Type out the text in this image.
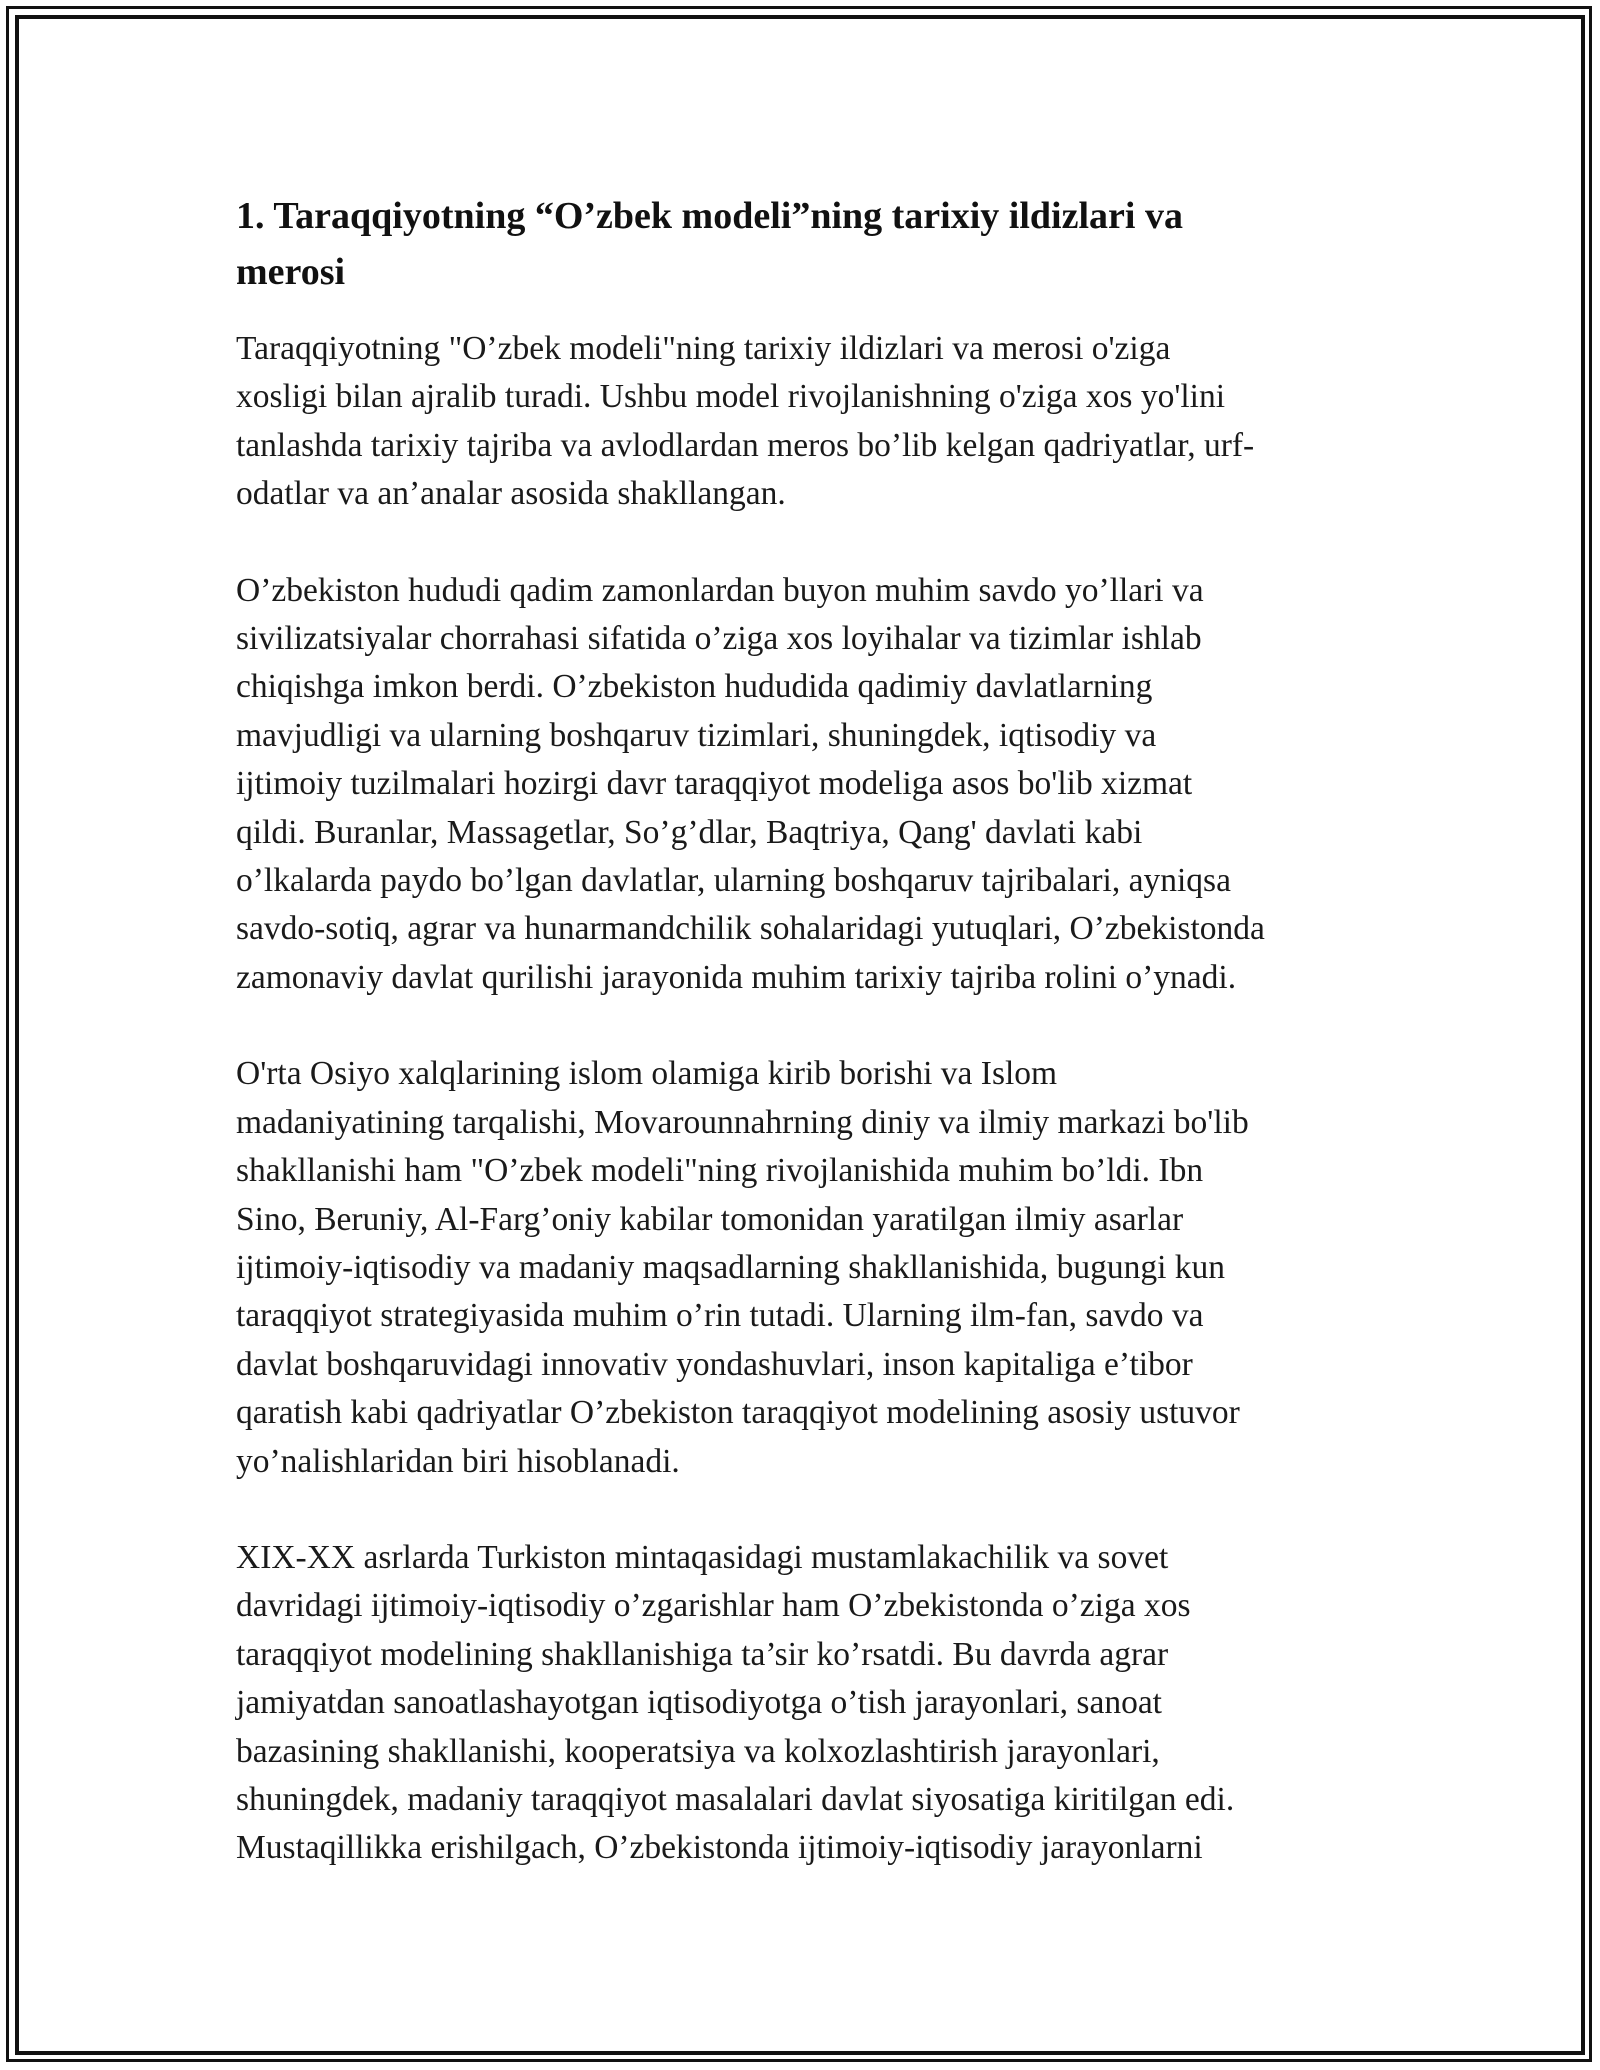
1. Taraqqiyotning “O’zbek modeli”ning tarixiy ildizlari va
merosi

Taraqqiyotning "O’zbek modeli"ning tarixiy ildizlari va merosi o'ziga
xosligi bilan ajralib turadi. Ushbu model rivojlanishning o'ziga xos yo'lini
tanlashda tarixiy tajriba va avlodlardan meros bo’lib kelgan qadriyatlar, urf-
odatlar va an’analar asosida shakllangan.

O’zbekiston hududi qadim zamonlardan buyon muhim savdo yo’llari va
sivilizatsiyalar chorrahasi sifatida o’ziga xos loyihalar va tizimlar ishlab
chiqishga imkon berdi. O’zbekiston hududida qadimiy davlatlarning
mavjudligi va ularning boshqaruv tizimlari, shuningdek, iqtisodiy va
ijtimoiy tuzilmalari hozirgi davr taraqqiyot modeliga asos bo'lib xizmat
qildi. Buranlar, Massagetlar, So’g’dlar, Baqtriya, Qang' davlati kabi
o’lkalarda paydo bo’lgan davlatlar, ularning boshqaruv tajribalari, ayniqsa
savdo-sotiq, agrar va hunarmandchilik sohalaridagi yutuqlari, O’zbekistonda
zamonaviy davlat qurilishi jarayonida muhim tarixiy tajriba rolini o’ynadi.

O'rta Osiyo xalqlarining islom olamiga kirib borishi va Islom
madaniyatining tarqalishi, Movarounnahrning diniy va ilmiy markazi bo'lib
shakllanishi ham "O’zbek modeli"ning rivojlanishida muhim bo’ldi. Ibn
Sino, Beruniy, Al-Farg’oniy kabilar tomonidan yaratilgan ilmiy asarlar
ijtimoiy-iqtisodiy va madaniy maqsadlarning shakllanishida, bugungi kun
taraqqiyot strategiyasida muhim o’rin tutadi. Ularning ilm-fan, savdo va
davlat boshqaruvidagi innovativ yondashuvlari, inson kapitaliga e’tibor
qaratish kabi qadriyatlar O’zbekiston taraqqiyot modelining asosiy ustuvor
yo’nalishlaridan biri hisoblanadi.

XIX-XX asrlarda Turkiston mintaqasidagi mustamlakachilik va sovet
davridagi ijtimoiy-iqtisodiy o’zgarishlar ham O’zbekistonda o’ziga xos
taraqqiyot modelining shakllanishiga ta’sir ko’rsatdi. Bu davrda agrar
jamiyatdan sanoatlashayotgan iqtisodiyotga o’tish jarayonlari, sanoat
bazasining shakllanishi, kooperatsiya va kolxozlashtirish jarayonlari,
shuningdek, madaniy taraqqiyot masalalari davlat siyosatiga kiritilgan edi.
Mustaqillikka erishilgach, O’zbekistonda ijtimoiy-iqtisodiy jarayonlarni
